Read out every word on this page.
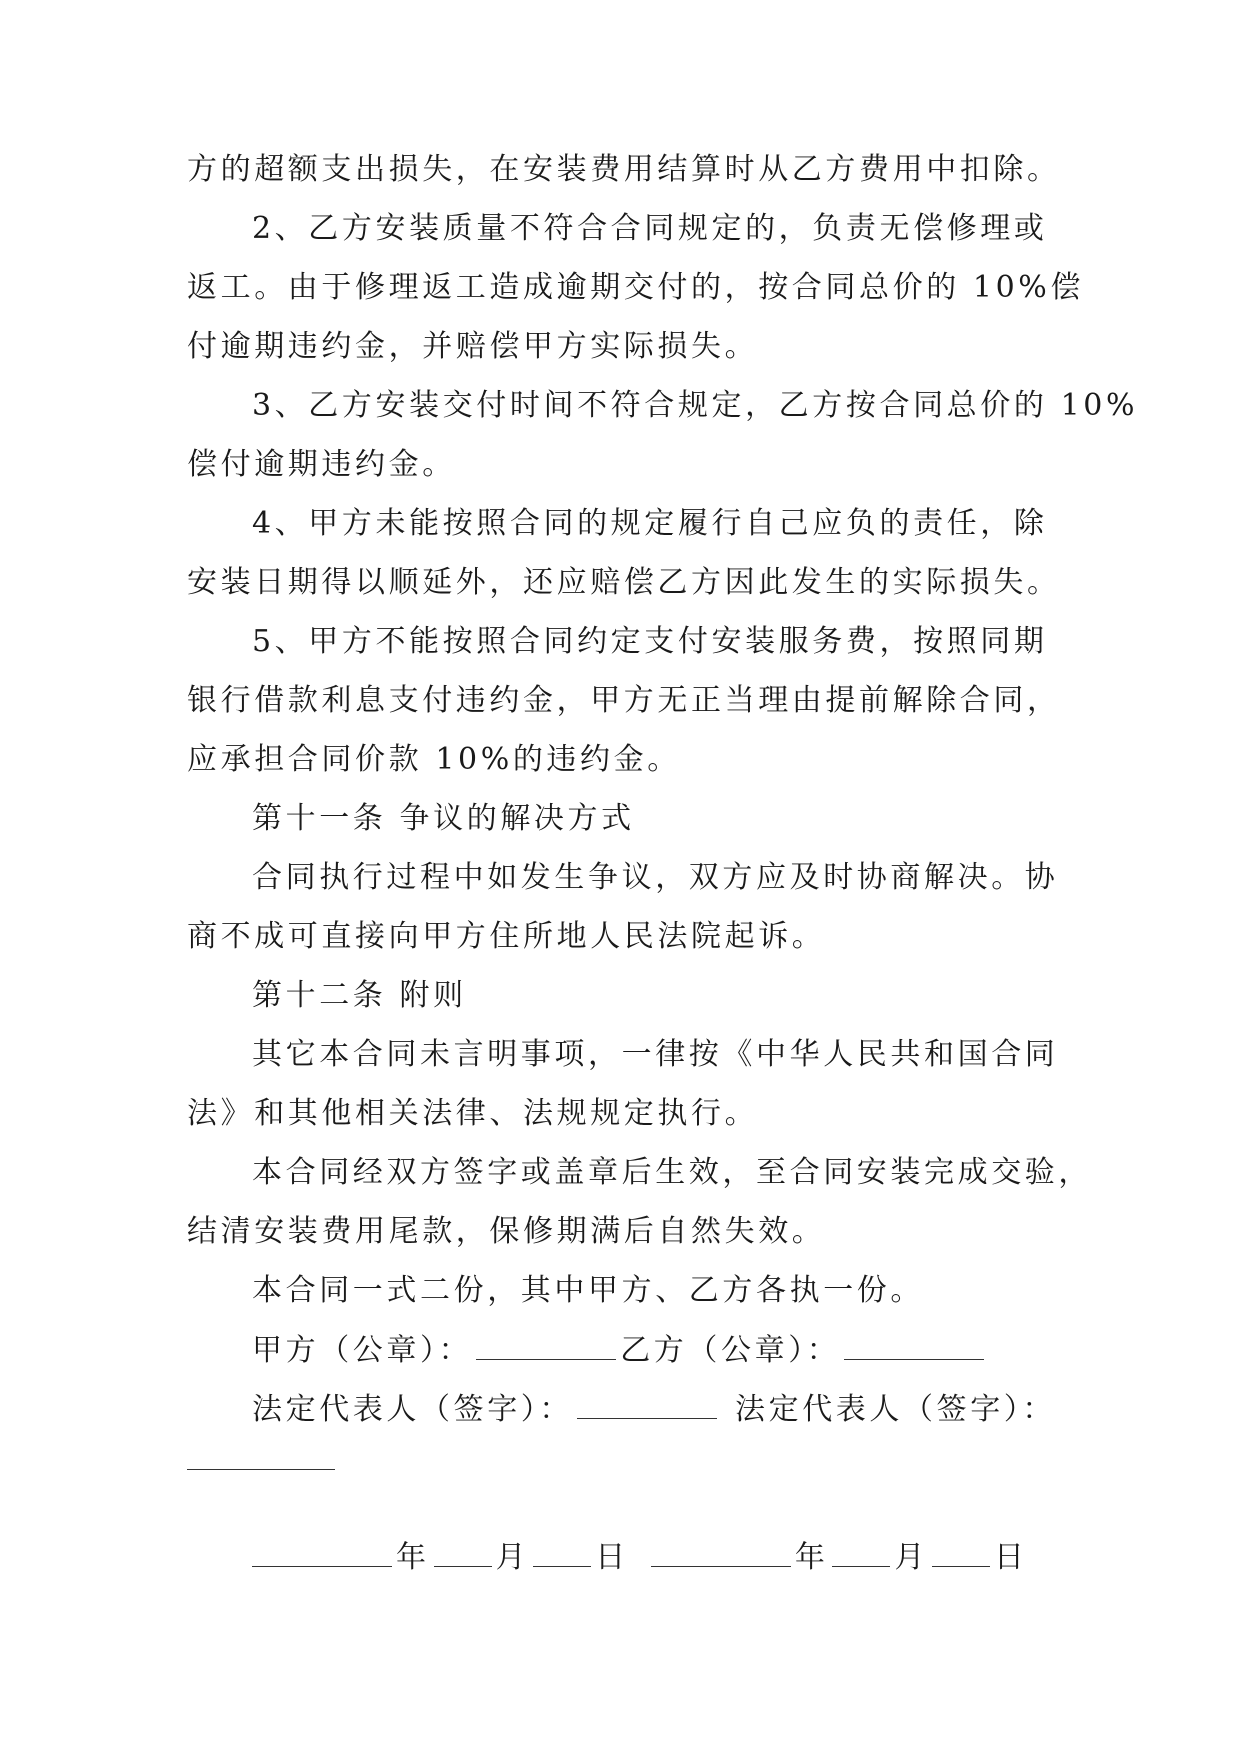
方的超额支出损失，在安装费用结算时从乙方费用中扣除。
2、乙方安装质量不符合合同规定的，负责无偿修理或
返工。由于修理返工造成逾期交付的，按合同总价的 10%偿
付逾期违约金，并赔偿甲方实际损失。
3、乙方安装交付时间不符合规定，乙方按合同总价的 10%
偿付逾期违约金。
4、甲方未能按照合同的规定履行自己应负的责任，除
安装日期得以顺延外，还应赔偿乙方因此发生的实际损失。
5、甲方不能按照合同约定支付安装服务费，按照同期
银行借款利息支付违约金，甲方无正当理由提前解除合同，
应承担合同价款 10%的违约金。
第十一条 争议的解决方式
合同执行过程中如发生争议，双方应及时协商解决。协
商不成可直接向甲方住所地人民法院起诉。
第十二条 附则
其它本合同未言明事项，一律按《中华人民共和国合同
法》和其他相关法律、法规规定执行。
本合同经双方签字或盖章后生效，至合同安装完成交验，
结清安装费用尾款，保修期满后自然失效。
本合同一式二份，其中甲方、乙方各执一份。
甲方（公章）：	乙方（公章）：
法定代表人（签字）：	法定代表人（签字）：
年 月 日	年 月 日
